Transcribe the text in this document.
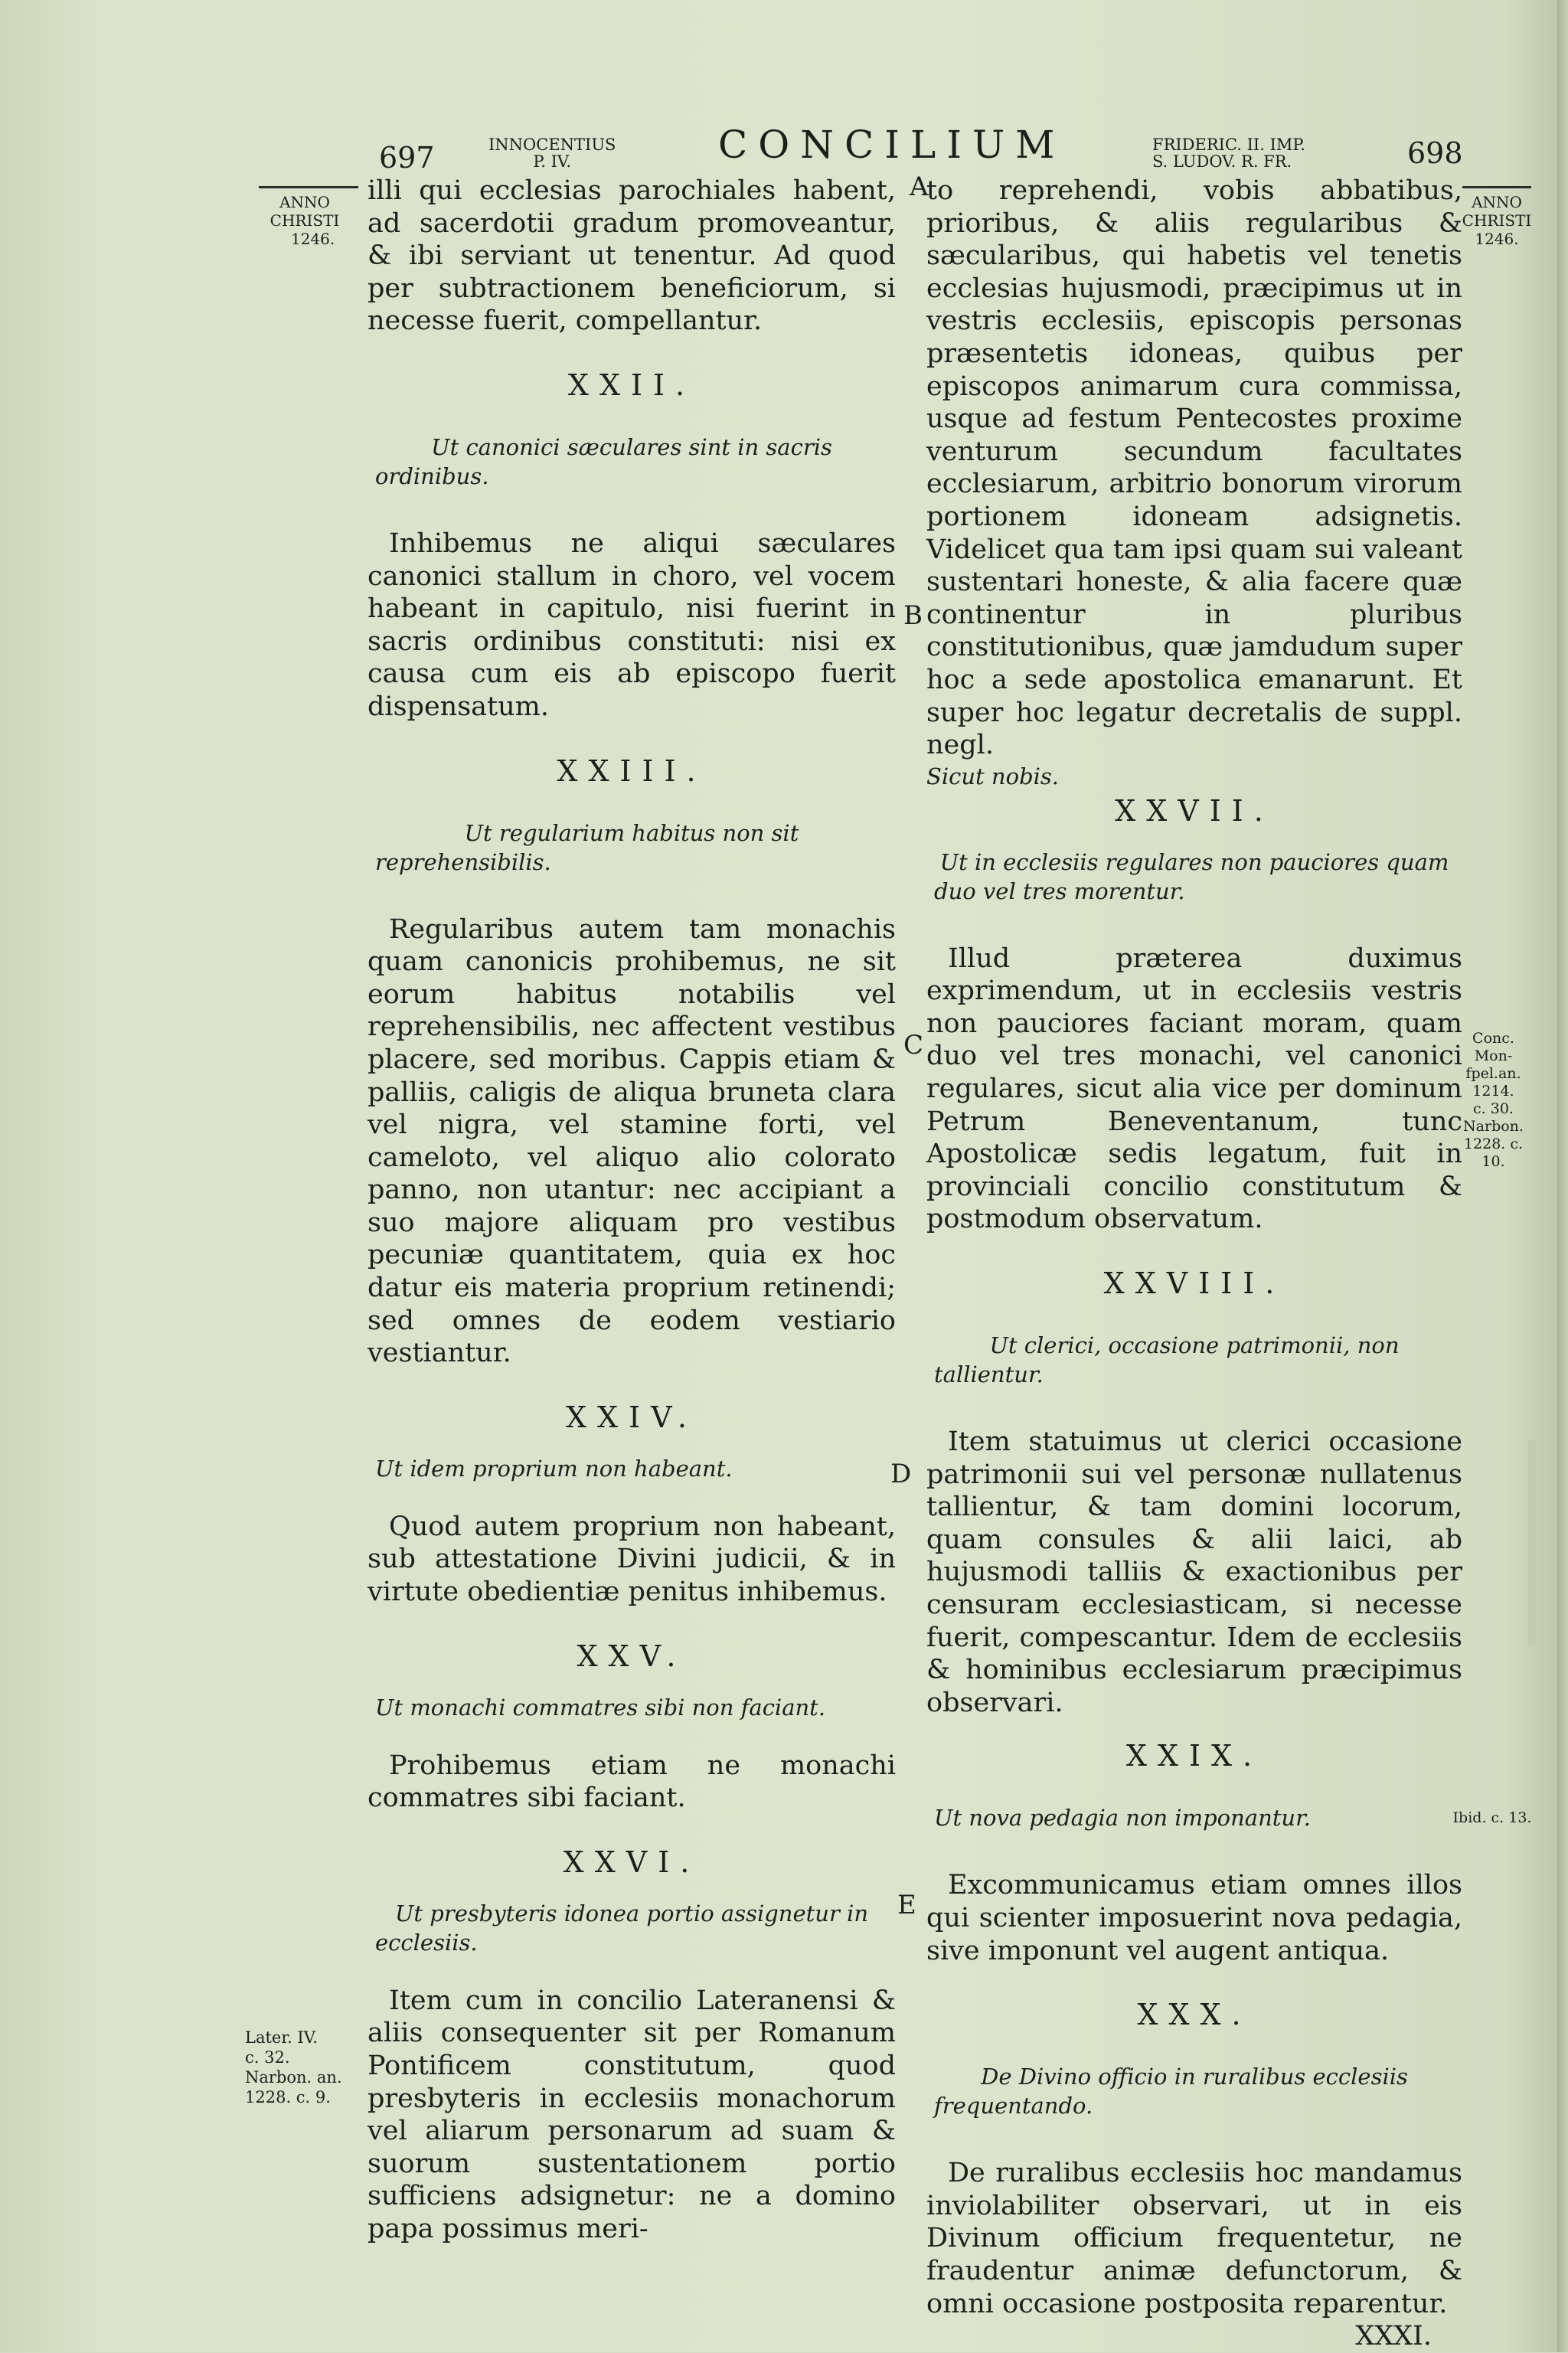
697	INNOCENTIUS
P. IV.	CONCILIUM	FRIDERIC. II. IMP.
S. LUDOV. R. FR.	698
ANNO
CHRISTI
1246.
Later. IV.
c. 32.
Narbon. an.
1228. c. 9.
ANNO
CHRISTI
1246.
Conc. Mon-
fpel.an. 1214.
c. 30.
Narbon.
1228. c. 10.
Ibid. c. 13.
A
B
C
D
E

illi qui ecclesias parochiales habent, ad sacerdotii gradum promoveantur, & ibi serviant ut tenentur. Ad quod per subtractionem beneficiorum, si necesse fuerit, compellantur.

XXII.

Ut canonici sæculares sint in sacris ordinibus.

Inhibemus ne aliqui sæculares canonici stallum in choro, vel vocem habeant in capitulo, nisi fuerint in sacris ordinibus constituti: nisi ex causa cum eis ab episcopo fuerit dispensatum.

XXIII.

Ut regularium habitus non sit reprehensibilis.

Regularibus autem tam monachis quam canonicis prohibemus, ne sit eorum habitus notabilis vel reprehensibilis, nec affectent vestibus placere, sed moribus. Cappis etiam & palliis, caligis de aliqua bruneta clara vel nigra, vel stamine forti, vel cameloto, vel aliquo alio colorato panno, non utantur: nec accipiant a suo majore aliquam pro vestibus pecuniæ quantitatem, quia ex hoc datur eis materia proprium retinendi; sed omnes de eodem vestiario vestiantur.

XXIV.

Ut idem proprium non habeant.

Quod autem proprium non habeant, sub attestatione Divini judicii, & in virtute obedientiæ penitus inhibemus.

XXV.

Ut monachi commatres sibi non faciant.

Prohibemus etiam ne monachi commatres sibi faciant.

XXVI.

Ut presbyteris idonea portio assignetur in ecclesiis.

Item cum in concilio Lateranensi & aliis consequenter sit per Romanum Pontificem constitutum, quod presbyteris in ecclesiis monachorum vel aliarum personarum ad suam & suorum sustentationem portio sufficiens adsignetur: ne a domino papa possimus meri-

to reprehendi, vobis abbatibus, prioribus, & aliis regularibus & sæcularibus, qui habetis vel tenetis ecclesias hujusmodi, præcipimus ut in vestris ecclesiis, episcopis personas præsentetis idoneas, quibus per episcopos animarum cura commissa, usque ad festum Pentecostes proxime venturum secundum facultates ecclesiarum, arbitrio bonorum virorum portionem idoneam adsignetis. Videlicet qua tam ipsi quam sui valeant sustentari honeste, & alia facere quæ continentur in pluribus constitutionibus, quæ jamdudum super hoc a sede apostolica emanarunt. Et super hoc legatur decretalis de suppl. negl.

Sicut nobis.

XXVII.

Ut in ecclesiis regulares non pauciores quam duo vel tres morentur.

Illud præterea duximus exprimendum, ut in ecclesiis vestris non pauciores faciant moram, quam duo vel tres monachi, vel canonici regulares, sicut alia vice per dominum Petrum Beneventanum, tunc Apostolicæ sedis legatum, fuit in provinciali concilio constitutum & postmodum observatum.

XXVIII.

Ut clerici, occasione patrimonii, non tallientur.

Item statuimus ut clerici occasione patrimonii sui vel personæ nullatenus tallientur, & tam domini locorum, quam consules & alii laici, ab hujusmodi talliis & exactionibus per censuram ecclesiasticam, si necesse fuerit, compescantur. Idem de ecclesiis & hominibus ecclesiarum præcipimus observari.

XXIX.

Ut nova pedagia non imponantur.

Excommunicamus etiam omnes illos qui scienter imposuerint nova pedagia, sive imponunt vel augent antiqua.

XXX.

De Divino officio in ruralibus ecclesiis frequentando.

De ruralibus ecclesiis hoc mandamus inviolabiliter observari, ut in eis Divinum officium frequentetur, ne fraudentur animæ defunctorum, & omni occasione postposita reparentur.

XXXI.
